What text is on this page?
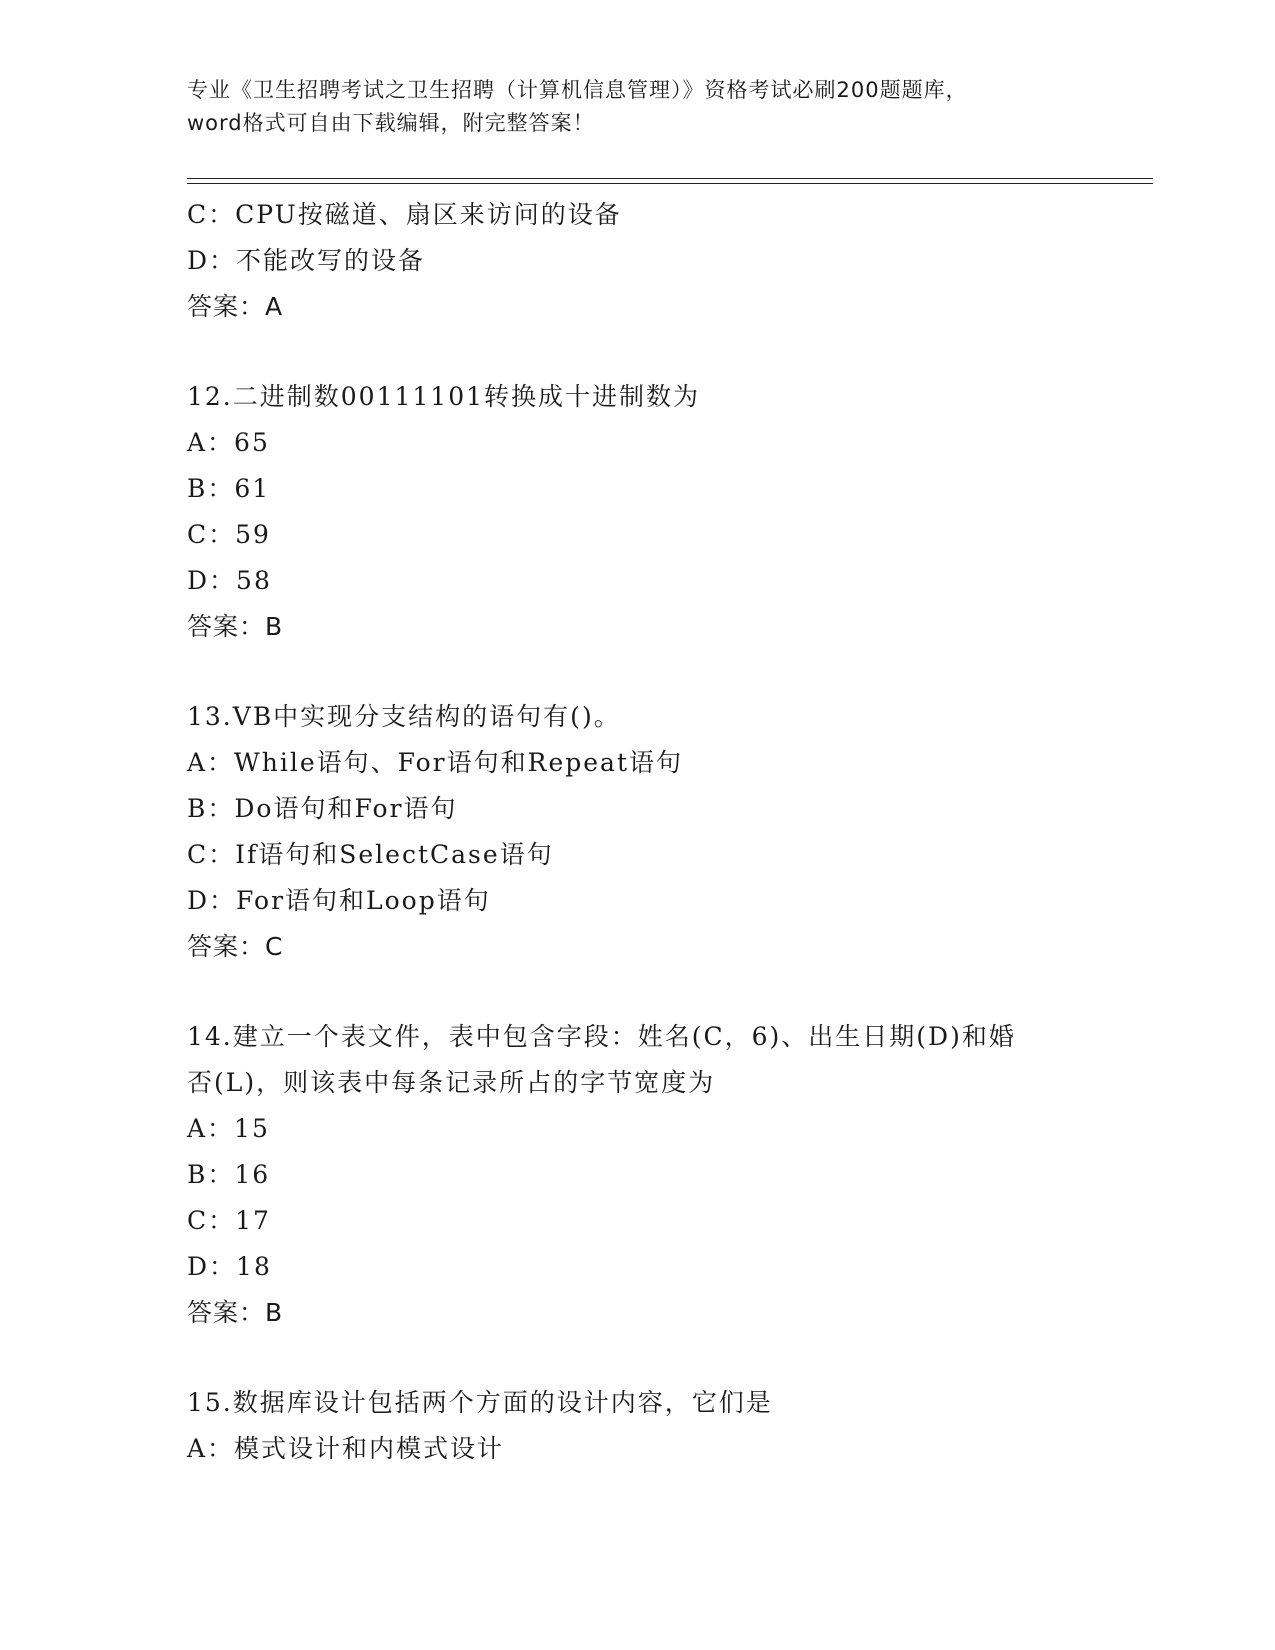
专业《卫生招聘考试之卫生招聘（计算机信息管理）》资格考试必刷200题题库，
word格式可自由下载编辑，附完整答案！
C：CPU按磁道、扇区来访问的设备
D：不能改写的设备
答案：A
12.二进制数00111101转换成十进制数为
A：65
B：61
C：59
D：58
答案：B
13.VB中实现分支结构的语句有()。
A：While语句、For语句和Repeat语句
B：Do语句和For语句
C：If语句和SelectCase语句
D：For语句和Loop语句
答案：C
14.建立一个表文件，表中包含字段：姓名(C，6)、出生日期(D)和婚
否(L)，则该表中每条记录所占的字节宽度为
A：15
B：16
C：17
D：18
答案：B
15.数据库设计包括两个方面的设计内容，它们是
A：模式设计和内模式设计
